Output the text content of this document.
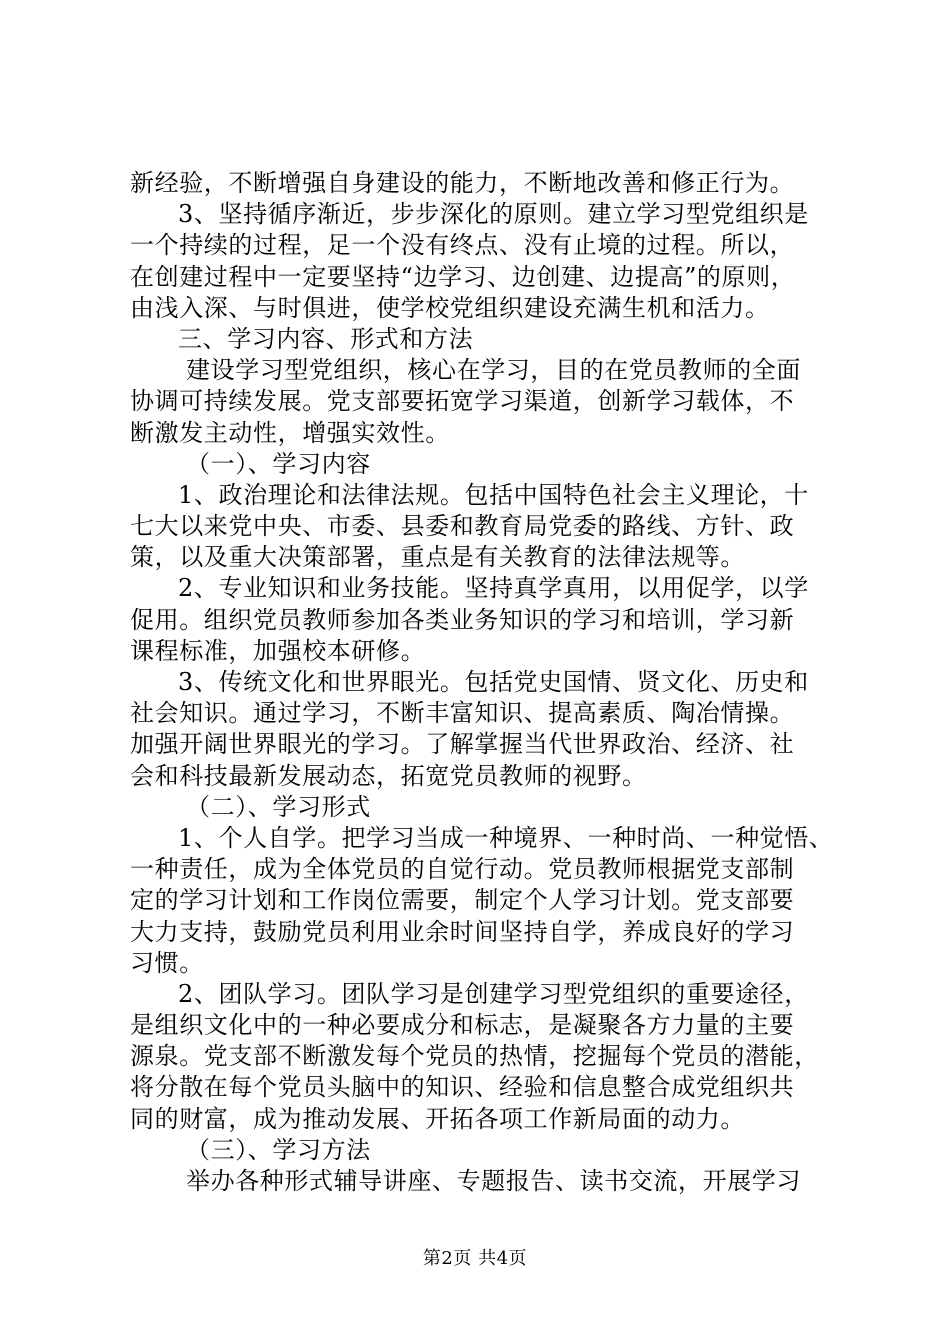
新经验，不断增强自身建设的能力，不断地改善和修正行为。
3、坚持循序渐近，步步深化的原则。建立学习型党组织是
一个持续的过程，足一个没有终点、没有止境的过程。所以，
在创建过程中一定要坚持“边学习、边创建、边提高”的原则，
由浅入深、与时俱进，使学校党组织建设充满生机和活力。
三、学习内容、形式和方法
建设学习型党组织，核心在学习，目的在党员教师的全面
协调可持续发展。党支部要拓宽学习渠道，创新学习载体，不
断激发主动性，增强实效性。
（一）、学习内容
1、政治理论和法律法规。包括中国特色社会主义理论，十
七大以来党中央、市委、县委和教育局党委的路线、方针、政
策，以及重大决策部署，重点是有关教育的法律法规等。
2、专业知识和业务技能。坚持真学真用，以用促学，以学
促用。组织党员教师参加各类业务知识的学习和培训，学习新
课程标准，加强校本研修。
3、传统文化和世界眼光。包括党史国情、贤文化、历史和
社会知识。通过学习，不断丰富知识、提高素质、陶冶情操。
加强开阔世界眼光的学习。了解掌握当代世界政治、经济、社
会和科技最新发展动态，拓宽党员教师的视野。
（二）、学习形式
1、个人自学。把学习当成一种境界、一种时尚、一种觉悟、
一种责任，成为全体党员的自觉行动。党员教师根据党支部制
定的学习计划和工作岗位需要，制定个人学习计划。党支部要
大力支持，鼓励党员利用业余时间坚持自学，养成良好的学习
习惯。
2、团队学习。团队学习是创建学习型党组织的重要途径，
是组织文化中的一种必要成分和标志，是凝聚各方力量的主要
源泉。党支部不断激发每个党员的热情，挖掘每个党员的潜能，
将分散在每个党员头脑中的知识、经验和信息整合成党组织共
同的财富，成为推动发展、开拓各项工作新局面的动力。
（三）、学习方法
举办各种形式辅导讲座、专题报告、读书交流，开展学习
第2页 共4页
